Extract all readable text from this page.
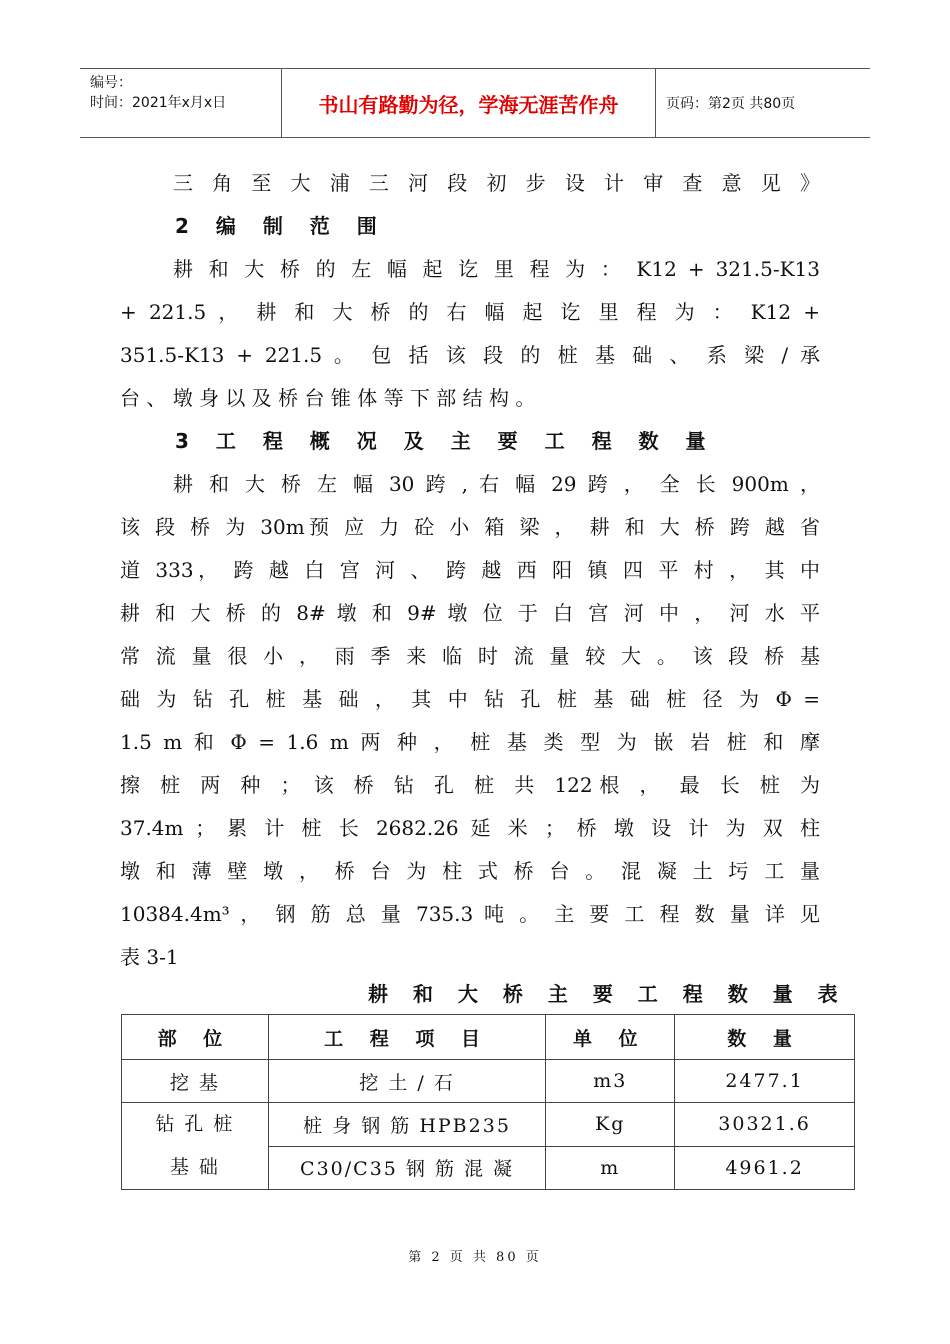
编号：
时间：2021年x月x日	书山有路勤为径，学海无涯苦作舟	页码：第2页 共80页
三 角 至 大 浦 三 河 段 初 步 设 计 审 查 意 见 》
2 编 制 范 围
耕 和 大 桥 的 左 幅 起 讫 里 程 为 ： K12 + 321.5-K13
+ 221.5 ， 耕 和 大 桥 的 右 幅 起 讫 里 程 为 ： K12 +
351.5-K13 + 221.5 。 包 括 该 段 的 桩 基 础 、 系 梁 / 承
台 、 墩 身 以 及 桥 台 锥 体 等 下 部 结 构 。
3 工 程 概 况 及 主 要 工 程 数 量
耕 和 大 桥 左 幅 30 跨 , 右 幅 29 跨 ， 全 长 900m ，
该 段 桥 为 30m预 应 力 砼 小 箱 梁 ， 耕 和 大 桥 跨 越 省
道 333， 跨 越 白 宫 河 、 跨 越 西 阳 镇 四 平 村 ， 其 中
耕 和 大 桥 的 8# 墩 和 9# 墩 位 于 白 宫 河 中 ， 河 水 平
常 流 量 很 小 ， 雨 季 来 临 时 流 量 较 大 。 该 段 桥 基
础 为 钻 孔 桩 基 础 ， 其 中 钻 孔 桩 基 础 桩 径 为 Φ =
1.5 m 和 Φ = 1.6 m 两 种 ， 桩 基 类 型 为 嵌 岩 桩 和 摩
擦 桩 两 种 ； 该 桥 钻 孔 桩 共 122根 ， 最 长 桩 为
37.4m ； 累 计 桩 长 2682.26 延 米 ； 桥 墩 设 计 为 双 柱
墩 和 薄 壁 墩 ， 桥 台 为 柱 式 桥 台 。 混 凝 土 圬 工 量
10384.4m³ ， 钢 筋 总 量 735.3 吨 。 主 要 工 程 数 量 详 见
表 3-1
耕 和 大 桥 主 要 工 程 数 量 表
部 位	工 程 项 目	单 位	数 量
挖 基	挖 土 / 石	m3	2477.1

钻 孔 桩
基 础	桩 身 钢 筋 HPB235	Kg	30321.6
	C30/C35 钢 筋 混 凝	m	4961.2
第 2 页 共 80 页
